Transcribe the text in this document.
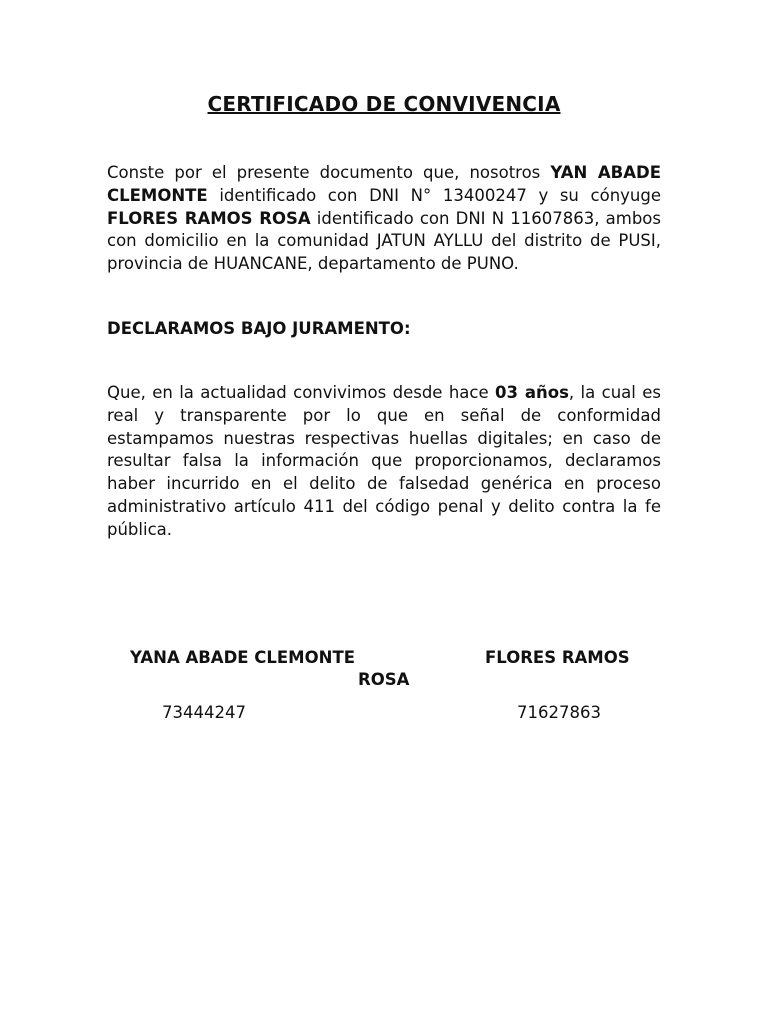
CERTIFICADO DE CONVIVENCIA
Conste por el presente documento que, nosotros YAN ABADE CLEMONTE identificado con DNI N° 13400247 y su cónyuge FLORES RAMOS ROSA identificado con DNI N 11607863, ambos con domicilio en la comunidad JATUN AYLLU del distrito de PUSI, provincia de HUANCANE, departamento de PUNO.
DECLARAMOS BAJO JURAMENTO:
Que, en la actualidad convivimos desde hace 03 años, la cual es real y transparente por lo que en señal de conformidad estampamos nuestras respectivas huellas digitales; en caso de resultar falsa la información que proporcionamos, declaramos haber incurrido en el delito de falsedad genérica en proceso administrativo artículo 411 del código penal y delito contra la fe pública.
YANA ABADE CLEMONTE	FLORES RAMOS
ROSA
73444247	71627863
